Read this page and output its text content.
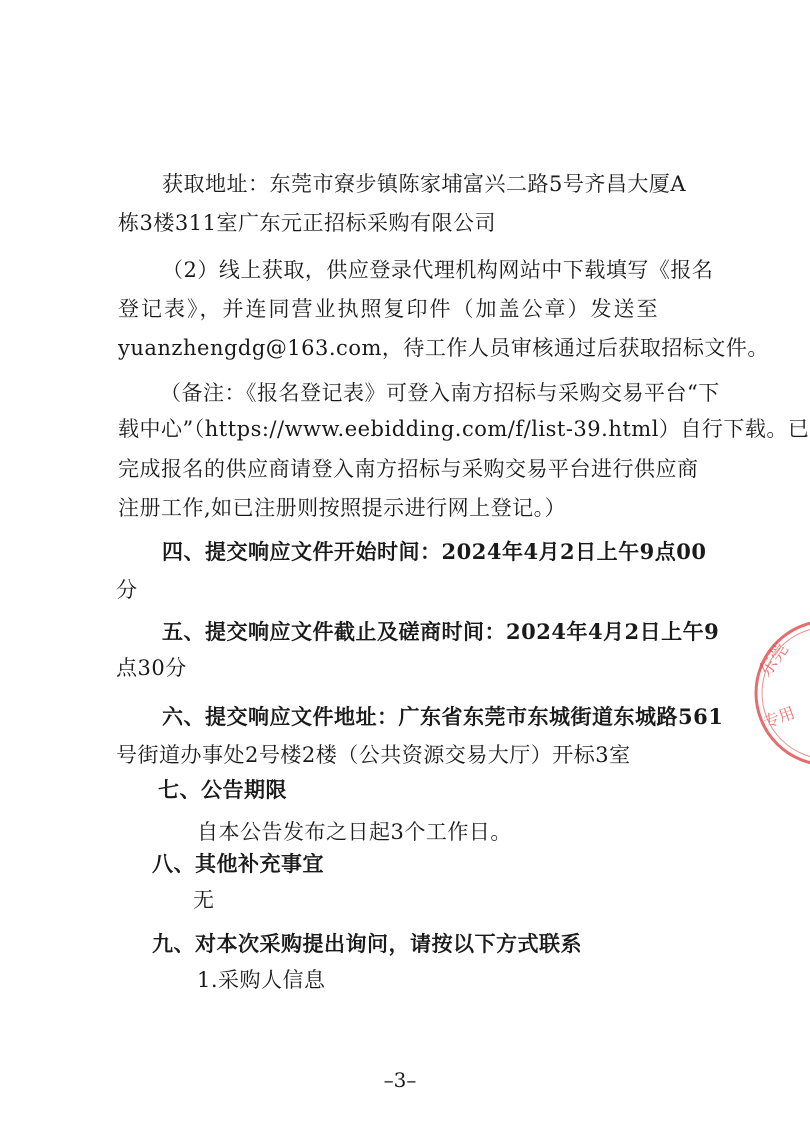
获取地址：东莞市寮步镇陈家埔富兴二路5号齐昌大厦A
栋3楼311室广东元正招标采购有限公司
（2）线上获取，供应登录代理机构网站中下载填写《报名
登记表》，并连同营业执照复印件（加盖公章）发送至
yuanzhengdg@163.com，待工作人员审核通过后获取招标文件。
（备注：《报名登记表》可登入南方招标与采购交易平台“下
载中心”（https://www.eebidding.com/f/list-39.html）自行下载。已
完成报名的供应商请登入南方招标与采购交易平台进行供应商
注册工作,如已注册则按照提示进行网上登记。）
四、提交响应文件开始时间：2024年4月2日上午9点00
分
五、提交响应文件截止及磋商时间：2024年4月2日上午9
点30分
六、提交响应文件地址：广东省东莞市东城街道东城路561
号街道办事处2号楼2楼（公共资源交易大厅）开标3室
七、公告期限
自本公告发布之日起3个工作日。
八、其他补充事宜
无
九、对本次采购提出询问，请按以下方式联系
1.采购人信息
–3–
东莞
专用
